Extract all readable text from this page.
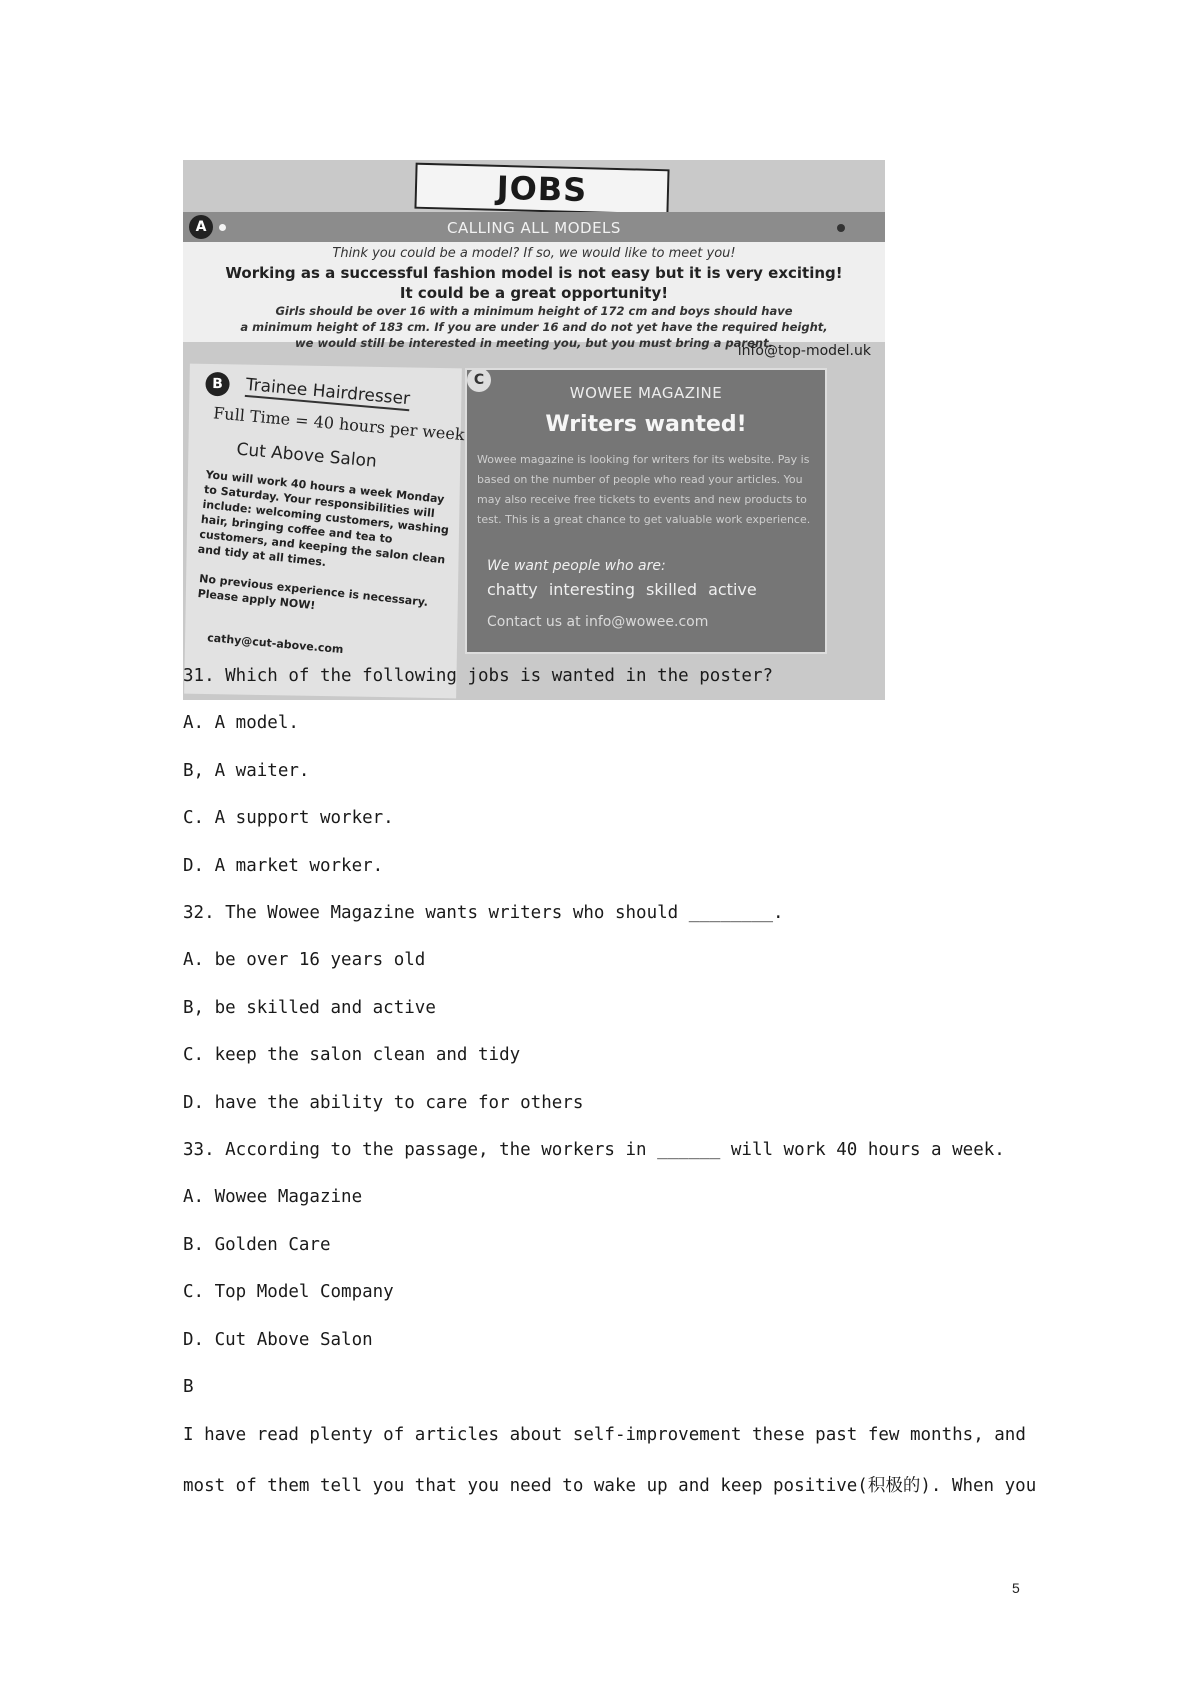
JOBS
A	CALLING ALL MODELS
Think you could be a model? If so, we would like to meet you!
Working as a successful fashion model is not easy but it is very exciting!
It could be a great opportunity!
Girls should be over 16 with a minimum height of 172 cm and boys should have
a minimum height of 183 cm. If you are under 16 and do not yet have the required height,
we would still be interested in meeting you, but you must bring a parent.
info@top-model.uk
B	Trainee Hairdresser
Full Time = 40 hours per week
Cut Above Salon
You will work 40 hours a week Monday to Saturday. Your responsibilities will include: welcoming customers, washing hair, bringing coffee and tea to customers, and keeping the salon clean and tidy at all times.
No previous experience is necessary. Please apply NOW!
cathy@cut-above.com
C
WOWEE MAGAZINE
Writers wanted!
Wowee magazine is looking for writers for its website. Pay is based on the number of people who read your articles. You may also receive free tickets to events and new products to test. This is a great chance to get valuable work experience.
We want people who are:
chatty interesting skilled active
Contact us at info@wowee.com
31. Which of the following jobs is wanted in the poster?
A. A model.
B, A waiter.
C. A support worker.
D. A market worker.
32. The Wowee Magazine wants writers who should ________.
A. be over 16 years old
B, be skilled and active
C. keep the salon clean and tidy
D. have the ability to care for others
33. According to the passage, the workers in ______ will work 40 hours a week.
A. Wowee Magazine
B. Golden Care
C. Top Model Company
D. Cut Above Salon
B
I have read plenty of articles about self-improvement these past few months, and
most of them tell you that you need to wake up and keep positive(积极的). When you
5
